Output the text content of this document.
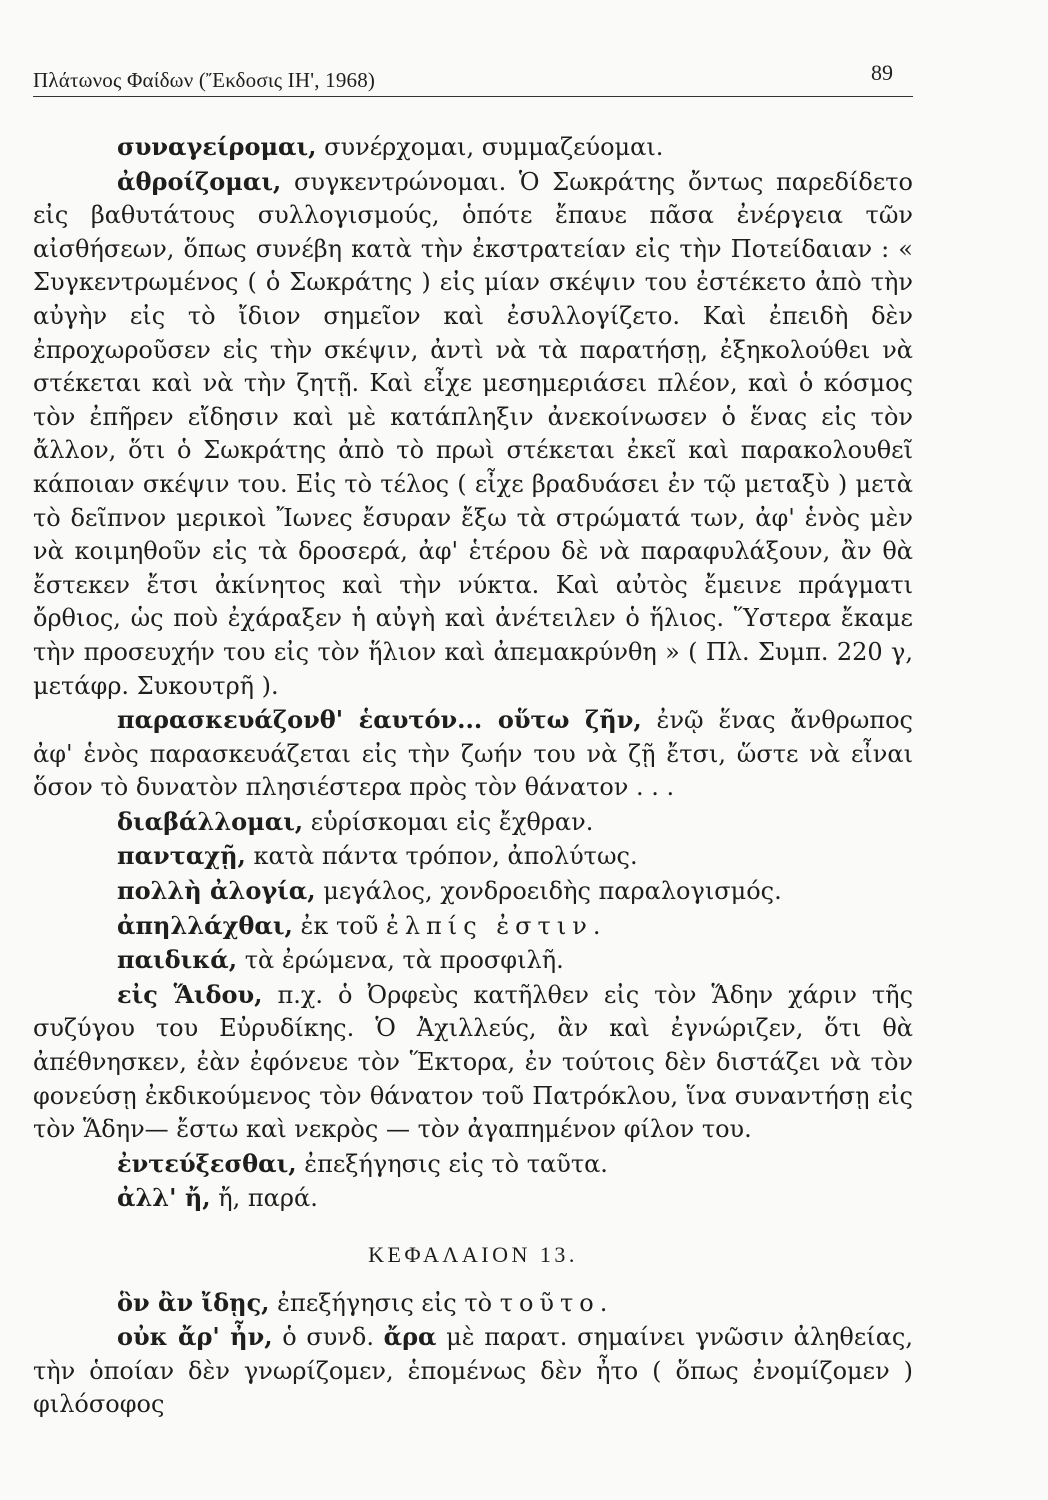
Πλάτωνος Φαίδων (Ἔκδοσις ΙΗ', 1968)	89

συναγείρομαι, συνέρχομαι, συμμαζεύομαι.

ἀθροίζομαι, συγκεντρώνομαι. Ὁ Σωκράτης ὄντως παρεδίδετο εἰς βαθυτάτους συλλογισμούς, ὁπότε ἔπαυε πᾶσα ἐνέργεια τῶν αἰσθήσεων, ὅπως συνέβη κατὰ τὴν ἐκστρατείαν εἰς τὴν Ποτείδαιαν : « Συγκεντρωμένος ( ὁ Σωκράτης ) εἰς μίαν σκέψιν του ἐστέκετο ἀπὸ τὴν αὐγὴν εἰς τὸ ἴδιον σημεῖον καὶ ἐσυλλογίζετο. Καὶ ἐπειδὴ δὲν ἐπροχωροῦσεν εἰς τὴν σκέψιν, ἀντὶ νὰ τὰ παρατήσῃ, ἐξηκολούθει νὰ στέκεται καὶ νὰ τὴν ζητῇ. Καὶ εἶχε μεσημεριάσει πλέον, καὶ ὁ κόσμος τὸν ἐπῆρεν εἴδησιν καὶ μὲ κατάπληξιν ἀνεκοίνωσεν ὁ ἕνας εἰς τὸν ἄλλον, ὅτι ὁ Σωκράτης ἀπὸ τὸ πρωὶ στέκεται ἐκεῖ καὶ παρακολουθεῖ κάποιαν σκέψιν του. Εἰς τὸ τέλος ( εἶχε βραδυάσει ἐν τῷ μεταξὺ ) μετὰ τὸ δεῖπνον μερικοὶ Ἴωνες ἔσυραν ἔξω τὰ στρώματά των, ἀφ' ἑνὸς μὲν νὰ κοιμηθοῦν εἰς τὰ δροσερά, ἀφ' ἑτέρου δὲ νὰ παραφυλάξουν, ἂν θὰ ἔστεκεν ἔτσι ἀκίνητος καὶ τὴν νύκτα. Καὶ αὐτὸς ἔμεινε πράγματι ὄρθιος, ὡς ποὺ ἐχάραξεν ἡ αὐγὴ καὶ ἀνέτειλεν ὁ ἥλιος. Ὕστερα ἔκαμε τὴν προσευχήν του εἰς τὸν ἥλιον καὶ ἀπεμακρύνθη » ( Πλ. Συμπ. 220 γ, μετάφρ. Συκουτρῆ ).

παρασκευάζονθ' ἑαυτόν... οὕτω ζῆν, ἐνῷ ἕνας ἄνθρωπος ἀφ' ἑνὸς παρασκευάζεται εἰς τὴν ζωήν του νὰ ζῇ ἔτσι, ὥστε νὰ εἶναι ὅσον τὸ δυνατὸν πλησιέστερα πρὸς τὸν θάνατον . . .

διαβάλλομαι, εὑρίσκομαι εἰς ἔχθραν.

πανταχῇ, κατὰ πάντα τρόπον, ἀπολύτως.

πολλὴ ἀλογία, μεγάλος, χονδροειδὴς παραλογισμός.

ἀπηλλάχθαι, ἐκ τοῦ ἐλπίς ἐστιν.

παιδικά, τὰ ἐρώμενα, τὰ προσφιλῆ.

εἰς Ἅιδου, π.χ. ὁ Ὀρφεὺς κατῆλθεν εἰς τὸν Ἅδην χάριν τῆς συζύγου του Εὐρυδίκης. Ὁ Ἀχιλλεύς, ἂν καὶ ἐγνώριζεν, ὅτι θὰ ἀπέθνησκεν, ἐὰν ἐφόνευε τὸν Ἕκτορα, ἐν τούτοις δὲν διστάζει νὰ τὸν φονεύσῃ ἐκδικούμενος τὸν θάνατον τοῦ Πατρόκλου, ἵνα συναντήσῃ εἰς τὸν Ἅδην— ἔστω καὶ νεκρὸς — τὸν ἀγαπημένον φίλον του.

ἐντεύξεσθαι, ἐπεξήγησις εἰς τὸ ταῦτα.

ἀλλ' ἤ, ἤ, παρά.

ΚΕΦΑΛΑΙΟΝ 13.

ὃν ἂν ἴδῃς, ἐπεξήγησις εἰς τὸ τοῦτο.

οὐκ ἄρ' ἦν, ὁ συνδ. ἄρα μὲ παρατ. σημαίνει γνῶσιν ἀληθείας, τὴν ὁποίαν δὲν γνωρίζομεν, ἑπομένως δὲν ἦτο ( ὅπως ἐνομίζομεν ) φιλόσοφος
